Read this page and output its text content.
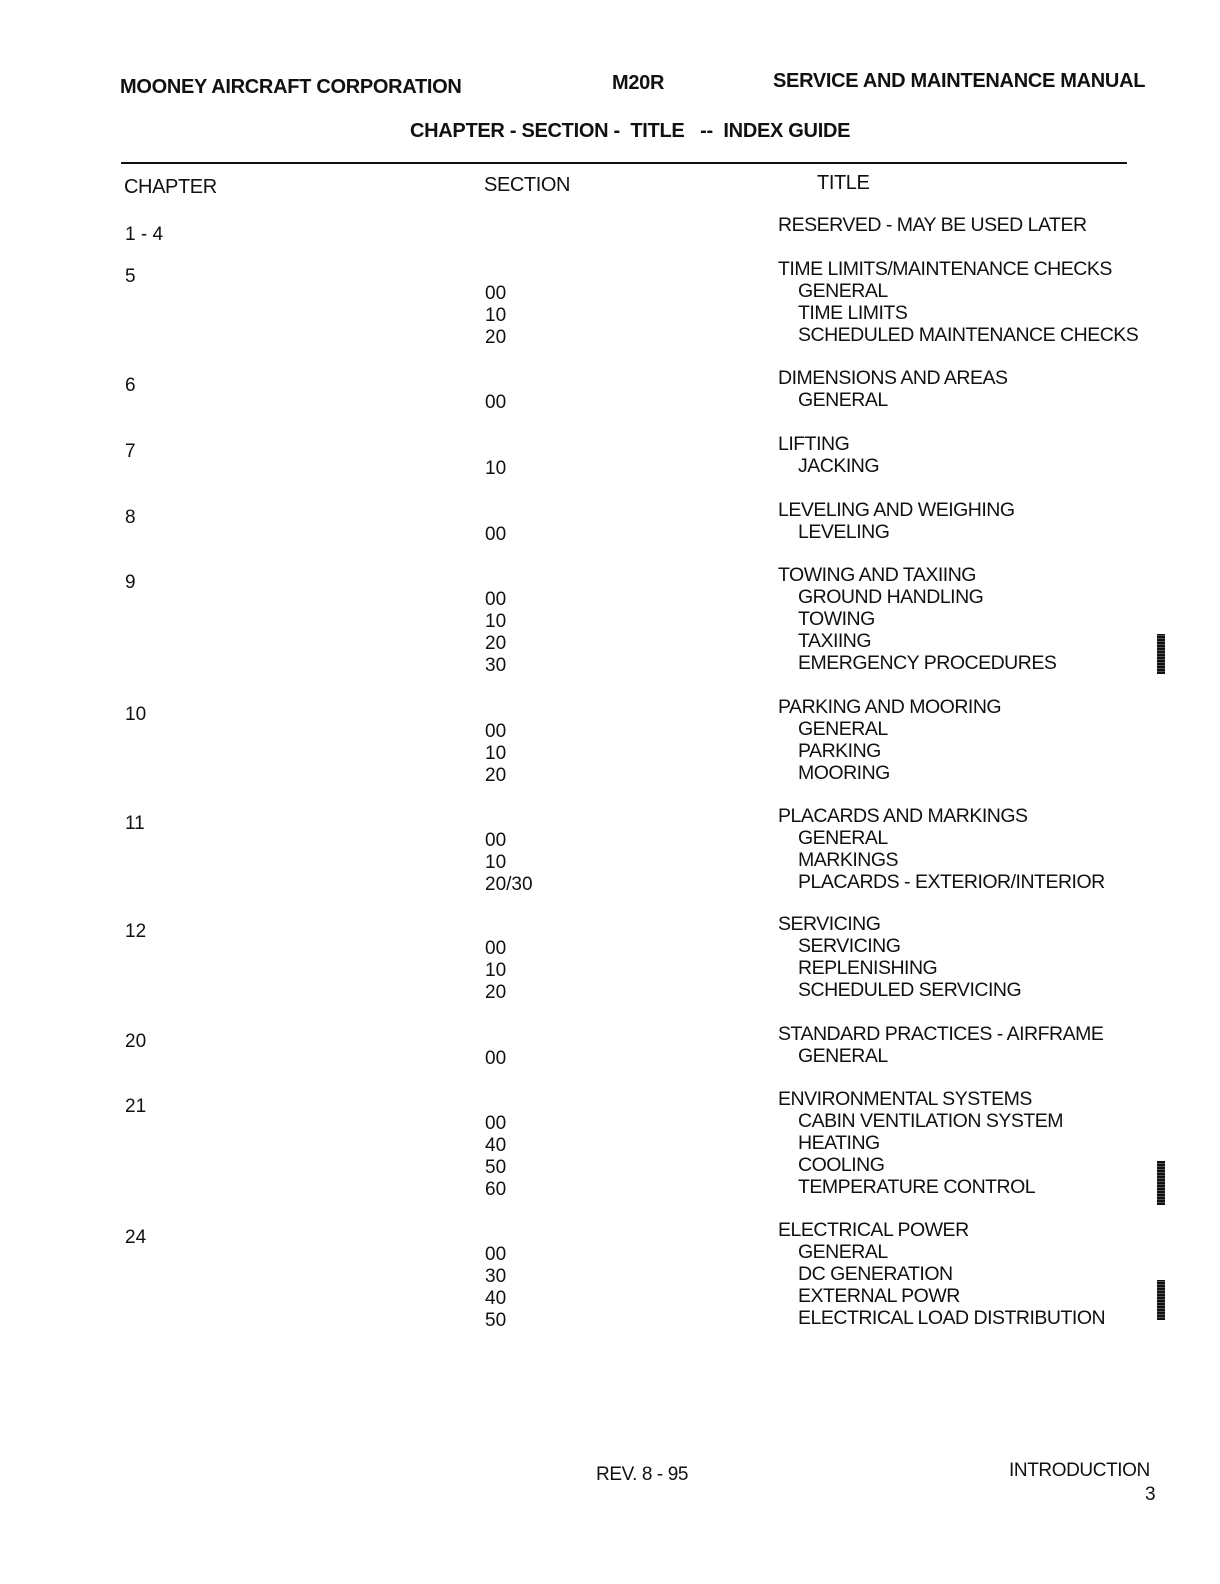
MOONEY AIRCRAFT CORPORATION	M20R	SERVICE AND MAINTENANCE MANUAL
CHAPTER - SECTION -  TITLE   --  INDEX GUIDE
CHAPTER	SECTION	TITLE
1 - 4	RESERVED - MAY BE USED LATER
5	TIME LIMITS/MAINTENANCE CHECKS
00	GENERAL
10	TIME LIMITS
20	SCHEDULED MAINTENANCE CHECKS
6	DIMENSIONS AND AREAS
00	GENERAL
7	LIFTING
10	JACKING
8	LEVELING AND WEIGHING
00	LEVELING
9	TOWING AND TAXIING
00	GROUND HANDLING
10	TOWING
20	TAXIING
30	EMERGENCY PROCEDURES
10	PARKING AND MOORING
00	GENERAL
10	PARKING
20	MOORING
11	PLACARDS AND MARKINGS
00	GENERAL
10	MARKINGS
20/30	PLACARDS - EXTERIOR/INTERIOR
12	SERVICING
00	SERVICING
10	REPLENISHING
20	SCHEDULED SERVICING
20	STANDARD PRACTICES - AIRFRAME
00	GENERAL
21	ENVIRONMENTAL SYSTEMS
00	CABIN VENTILATION SYSTEM
40	HEATING
50	COOLING
60	TEMPERATURE CONTROL
24	ELECTRICAL POWER
00	GENERAL
30	DC GENERATION
40	EXTERNAL POWR
50	ELECTRICAL LOAD DISTRIBUTION
REV. 8 - 95	INTRODUCTION
3
